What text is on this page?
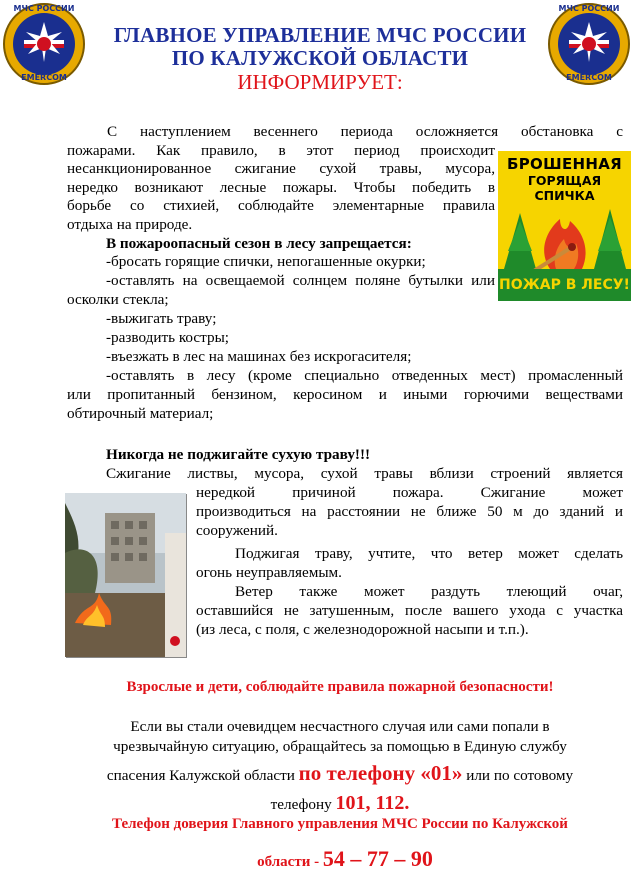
МЧС РОССИИ
EMERCOM
МЧС РОССИИ
EMERCOM
ГЛАВНОЕ УПРАВЛЕНИЕ МЧС РОССИИ
ПО КАЛУЖСКОЙ ОБЛАСТИ
ИНФОРМИРУЕТ:
С наступлением весеннего периода осложняется обстановка с
пожарами. Как правило, в этот период происходит
несанкционированное сжигание сухой травы, мусора,
нередко возникают лесные пожары. Чтобы победить в
борьбе со стихией, соблюдайте элементарные правила
отдыха на природе.
БРОШЕННАЯ
ГОРЯЩАЯ СПИЧКА
ПОЖАР В ЛЕСУ!
В пожароопасный сезон в лесу запрещается:
-бросать горящие спички, непогашенные окурки;
-оставлять на освещаемой солнцем поляне бутылки или
осколки стекла;
-выжигать траву;
-разводить костры;
-въезжать в лес на машинах без искрогасителя;
-оставлять в лесу (кроме специально отведенных мест) промасленный
или пропитанный бензином, керосином и иными горючими веществами
обтирочный материал;
Никогда не поджигайте сухую траву!!!
Сжигание листвы, мусора, сухой травы вблизи строений является
нередкой причиной пожара. Сжигание может
производиться на расстоянии не ближе 50 м до зданий и
сооружений.
Поджигая траву, учтите, что ветер может сделать
огонь неуправляемым.
Ветер также может раздуть тлеющий очаг,
оставшийся не затушенным, после вашего ухода с участка
(из леса, с поля, с железнодорожной насыпи и т.п.).
Взрослые и дети, соблюдайте правила пожарной безопасности!
Если вы стали очевидцем несчастного случая или сами попали в
чрезвычайную ситуацию, обращайтесь за помощью в Единую службу
спасения Калужской области по телефону «01» или по сотовому
телефону 101, 112.
Телефон доверия Главного управления МЧС России по Калужской
области - 54 – 77 – 90
